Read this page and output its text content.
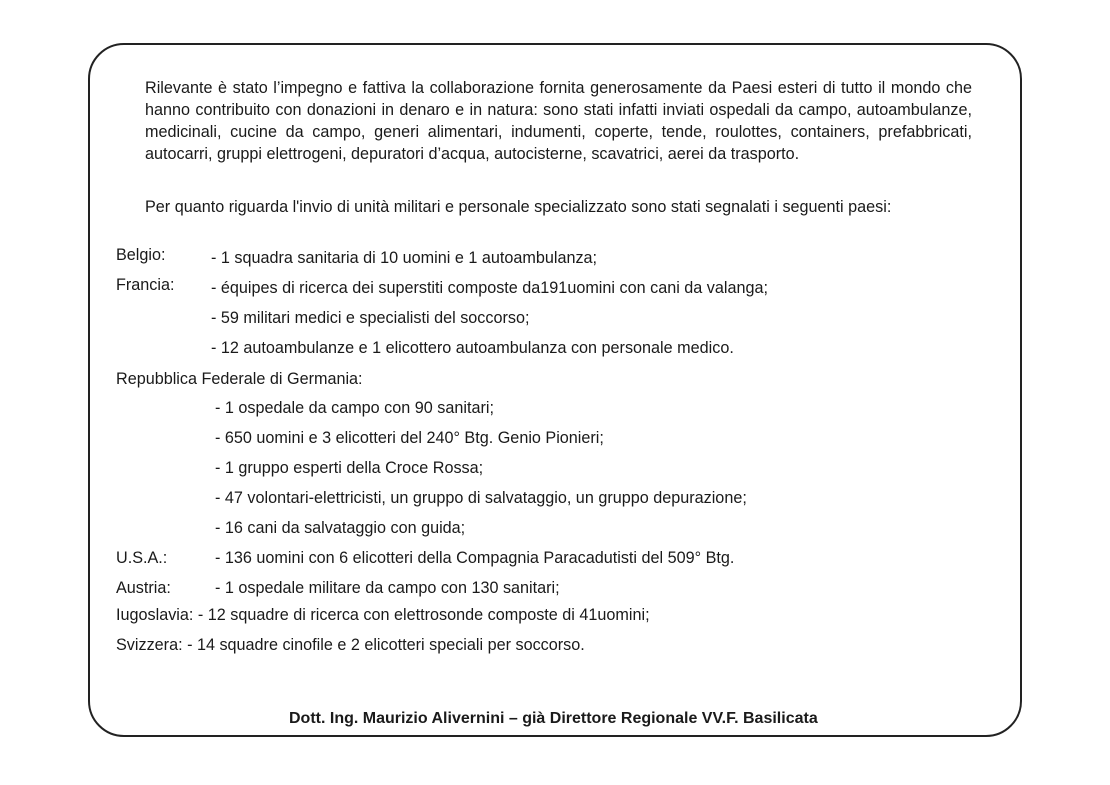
Rilevante è stato l’impegno e fattiva la collaborazione fornita generosamente da Paesi esteri di tutto il mondo che hanno contribuito con donazioni in denaro e in natura: sono stati infatti inviati ospedali da campo, autoambulanze, medicinali, cucine da campo, generi alimentari, indumenti, coperte, tende, roulottes, containers, prefabbricati, autocarri, gruppi elettrogeni, depuratori d’acqua, autocisterne, scavatrici, aerei da trasporto.

Per quanto riguarda l'invio di unità militari e personale specializzato sono stati segnalati i seguenti paesi:

Belgio:	- 1 squadra sanitaria di 10 uomini e 1 autoambulanza;
Francia: - équipes di ricerca dei superstiti composte da191uomini con cani da valanga;
- 59 militari medici e specialisti del soccorso;
- 12 autoambulanze e 1 elicottero autoambulanza con personale medico.
Repubblica Federale di Germania:
- 1 ospedale da campo con 90 sanitari;
- 650 uomini e 3 elicotteri del 240° Btg. Genio Pionieri;
- 1 gruppo esperti della Croce Rossa;
- 47 volontari-elettricisti, un gruppo di salvataggio, un gruppo depurazione;
- 16 cani da salvataggio con guida;
U.S.A.:	- 136 uomini con 6 elicotteri della Compagnia Paracadutisti del 509° Btg.
Austria:	- 1 ospedale militare da campo con 130 sanitari;
Iugoslavia: - 12 squadre di ricerca con elettrosonde composte di 41uomini;
Svizzera: - 14 squadre cinofile e 2 elicotteri speciali per soccorso.
Dott. Ing. Maurizio Alivernini – già Direttore Regionale VV.F. Basilicata
